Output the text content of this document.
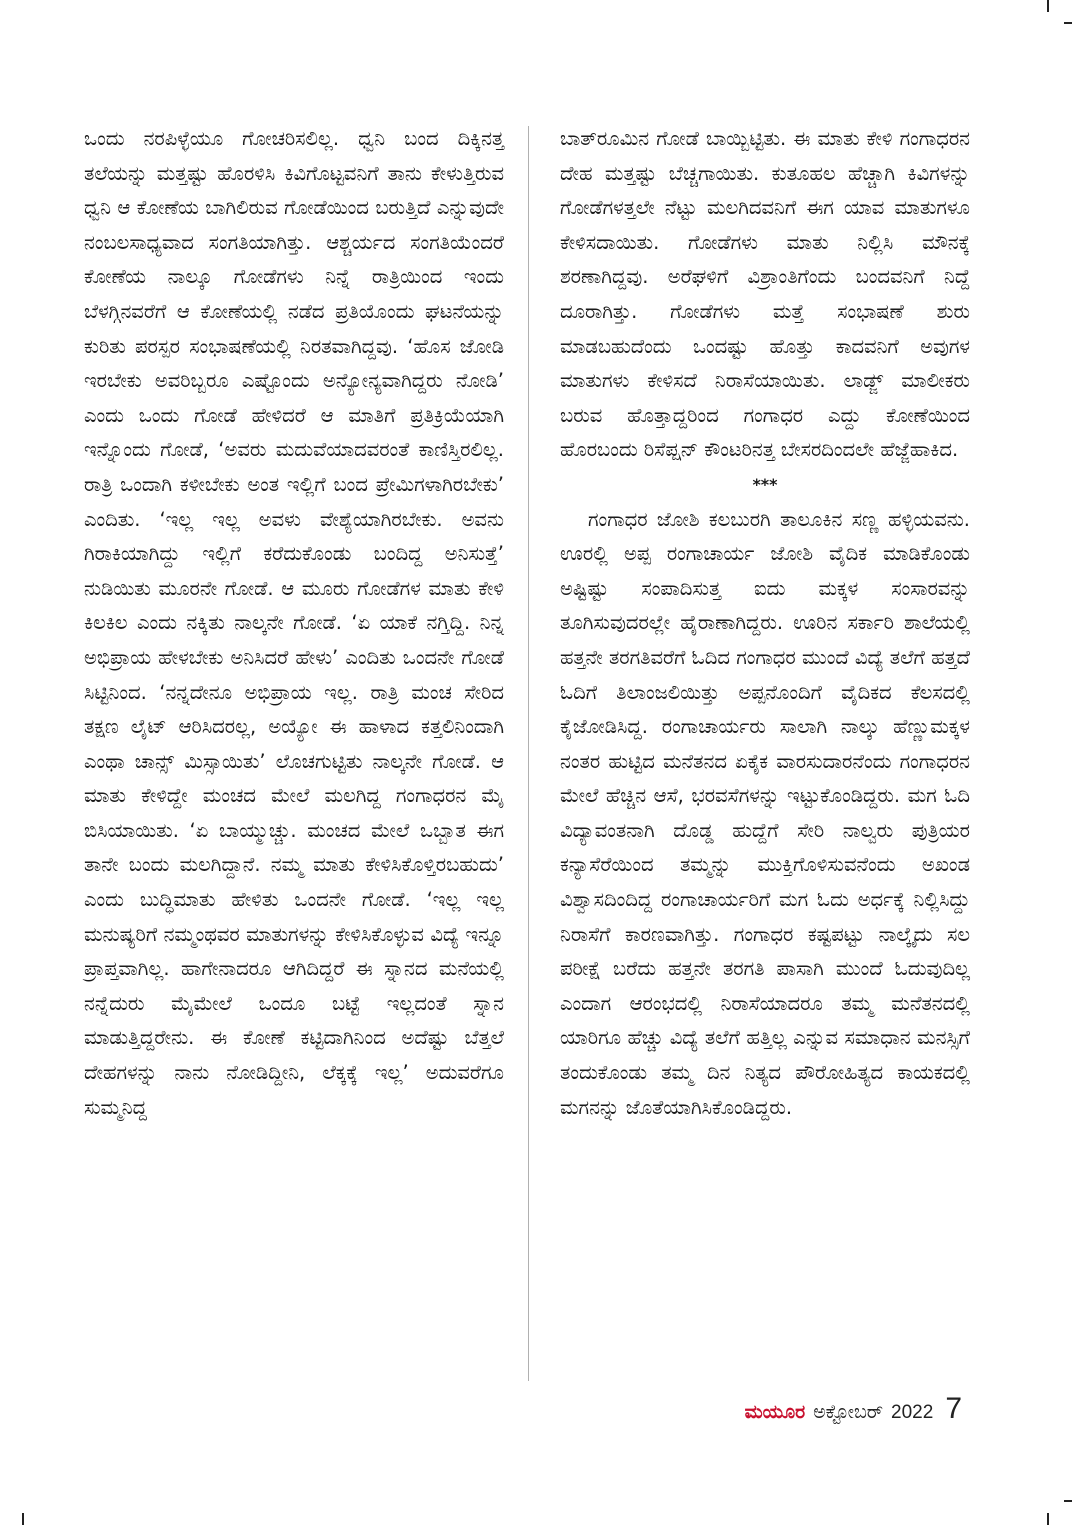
ಒಂದು ನರಪಿಳ್ಳೆಯೂ ಗೋಚರಿಸಲಿಲ್ಲ. ಧ್ವನಿ ಬಂದ ದಿಕ್ಕಿನತ್ತ ತಲೆಯನ್ನು ಮತ್ತಷ್ಟು ಹೊರಳಿಸಿ ಕಿವಿಗೊಟ್ಟವನಿಗೆ ತಾನು ಕೇಳುತ್ತಿರುವ ಧ್ವನಿ ಆ ಕೋಣೆಯ ಬಾಗಿಲಿರುವ ಗೋಡೆಯಿಂದ ಬರುತ್ತಿದೆ ಎನ್ನುವುದೇ ನಂಬಲಸಾಧ್ಯವಾದ ಸಂಗತಿಯಾಗಿತ್ತು. ಆಶ್ಚರ್ಯದ ಸಂಗತಿಯೆಂದರೆ ಕೋಣೆಯ ನಾಲ್ಕೂ ಗೋಡೆಗಳು ನಿನ್ನೆ ರಾತ್ರಿಯಿಂದ ಇಂದು ಬೆಳಗ್ಗಿನವರೆಗೆ ಆ ಕೋಣೆಯಲ್ಲಿ ನಡೆದ ಪ್ರತಿಯೊಂದು ಘಟನೆಯನ್ನು ಕುರಿತು ಪರಸ್ಪರ ಸಂಭಾಷಣೆಯಲ್ಲಿ ನಿರತವಾಗಿದ್ದವು. ‘ಹೊಸ ಜೋಡಿ ಇರಬೇಕು ಅವರಿಬ್ಬರೂ ಎಷ್ಟೊಂದು ಅನ್ಯೋನ್ಯವಾಗಿದ್ದರು ನೋಡಿ’ ಎಂದು ಒಂದು ಗೋಡೆ ಹೇಳಿದರೆ ಆ ಮಾತಿಗೆ ಪ್ರತಿಕ್ರಿಯೆಯಾಗಿ ಇನ್ನೊಂದು ಗೋಡೆ, ‘ಅವರು ಮದುವೆಯಾದವರಂತೆ ಕಾಣಿಸ್ತಿರಲಿಲ್ಲ. ರಾತ್ರಿ ಒಂದಾಗಿ ಕಳೀಬೇಕು ಅಂತ ಇಲ್ಲಿಗೆ ಬಂದ ಪ್ರೇಮಿಗಳಾಗಿರಬೇಕು’ ಎಂದಿತು. ‘ಇಲ್ಲ ಇಲ್ಲ ಅವಳು ವೇಶ್ಯೆಯಾಗಿರಬೇಕು. ಅವನು ಗಿರಾಕಿಯಾಗಿದ್ದು ಇಲ್ಲಿಗೆ ಕರೆದುಕೊಂಡು ಬಂದಿದ್ದ ಅನಿಸುತ್ತೆ’ ನುಡಿಯಿತು ಮೂರನೇ ಗೋಡೆ. ಆ ಮೂರು ಗೋಡೆಗಳ ಮಾತು ಕೇಳಿ ಕಿಲಕಿಲ ಎಂದು ನಕ್ಕಿತು ನಾಲ್ಕನೇ ಗೋಡೆ. ‘ಏ ಯಾಕೆ ನಗ್ತಿದ್ದಿ. ನಿನ್ನ ಅಭಿಪ್ರಾಯ ಹೇಳಬೇಕು ಅನಿಸಿದರೆ ಹೇಳು’ ಎಂದಿತು ಒಂದನೇ ಗೋಡೆ ಸಿಟ್ಟಿನಿಂದ. ‘ನನ್ನದೇನೂ ಅಭಿಪ್ರಾಯ ಇಲ್ಲ. ರಾತ್ರಿ ಮಂಚ ಸೇರಿದ ತಕ್ಷಣ ಲೈಟ್ ಆರಿಸಿದರಲ್ಲ, ಅಯ್ಯೋ ಈ ಹಾಳಾದ ಕತ್ತಲಿನಿಂದಾಗಿ ಎಂಥಾ ಚಾನ್ಸ್ ಮಿಸ್ಸಾಯಿತು’ ಲೊಚಗುಟ್ಟಿತು ನಾಲ್ಕನೇ ಗೋಡೆ. ಆ ಮಾತು ಕೇಳಿದ್ದೇ ಮಂಚದ ಮೇಲೆ ಮಲಗಿದ್ದ ಗಂಗಾಧರನ ಮೈ ಬಿಸಿಯಾಯಿತು. ‘ಏ ಬಾಯ್ಮುಚ್ಚು. ಮಂಚದ ಮೇಲೆ ಒಬ್ಬಾತ ಈಗ ತಾನೇ ಬಂದು ಮಲಗಿದ್ದಾನೆ. ನಮ್ಮ ಮಾತು ಕೇಳಿಸಿಕೊಳ್ತಿರಬಹುದು’ ಎಂದು ಬುದ್ಧಿಮಾತು ಹೇಳಿತು ಒಂದನೇ ಗೋಡೆ. ‘ಇಲ್ಲ ಇಲ್ಲ ಮನುಷ್ಯರಿಗೆ ನಮ್ಮಂಥವರ ಮಾತುಗಳನ್ನು ಕೇಳಿಸಿಕೊಳ್ಳುವ ವಿದ್ಯೆ ಇನ್ನೂ ಪ್ರಾಪ್ತವಾಗಿಲ್ಲ. ಹಾಗೇನಾದರೂ ಆಗಿದಿದ್ದರೆ ಈ ಸ್ನಾನದ ಮನೆಯಲ್ಲಿ ನನ್ನೆದುರು ಮೈಮೇಲೆ ಒಂದೂ ಬಟ್ಟೆ ಇಲ್ಲದಂತೆ ಸ್ನಾನ ಮಾಡುತ್ತಿದ್ದರೇನು. ಈ ಕೋಣೆ ಕಟ್ಟಿದಾಗಿನಿಂದ ಅದೆಷ್ಟು ಬೆತ್ತಲೆ ದೇಹಗಳನ್ನು ನಾನು ನೋಡಿದ್ದೀನಿ, ಲೆಕ್ಕಕ್ಕೆ ಇಲ್ಲ’ ಅದುವರೆಗೂ ಸುಮ್ಮನಿದ್ದ

ಬಾತ್‌ರೂಮಿನ ಗೋಡೆ ಬಾಯ್ಬಿಟ್ಟಿತು. ಈ ಮಾತು ಕೇಳಿ ಗಂಗಾಧರನ ದೇಹ ಮತ್ತಷ್ಟು ಬೆಚ್ಚಗಾಯಿತು. ಕುತೂಹಲ ಹೆಚ್ಚಾಗಿ ಕಿವಿಗಳನ್ನು ಗೋಡೆಗಳತ್ತಲೇ ನೆಟ್ಟು ಮಲಗಿದವನಿಗೆ ಈಗ ಯಾವ ಮಾತುಗಳೂ ಕೇಳಿಸದಾಯಿತು. ಗೋಡೆಗಳು ಮಾತು ನಿಲ್ಲಿಸಿ ಮೌನಕ್ಕೆ ಶರಣಾಗಿದ್ದವು. ಅರೆಘಳಿಗೆ ವಿಶ್ರಾಂತಿಗೆಂದು ಬಂದವನಿಗೆ ನಿದ್ದೆ ದೂರಾಗಿತ್ತು. ಗೋಡೆಗಳು ಮತ್ತೆ ಸಂಭಾಷಣೆ ಶುರು ಮಾಡಬಹುದೆಂದು ಒಂದಷ್ಟು ಹೊತ್ತು ಕಾದವನಿಗೆ ಅವುಗಳ ಮಾತುಗಳು ಕೇಳಿಸದೆ ನಿರಾಸೆಯಾಯಿತು. ಲಾಡ್ಜ್ ಮಾಲೀಕರು ಬರುವ ಹೊತ್ತಾದ್ದರಿಂದ ಗಂಗಾಧರ ಎದ್ದು ಕೋಣೆಯಿಂದ ಹೊರಬಂದು ರಿಸೆಪ್ಷನ್ ಕೌಂಟರಿನತ್ತ ಬೇಸರದಿಂದಲೇ ಹೆಜ್ಜೆಹಾಕಿದ.

***

ಗಂಗಾಧರ ಜೋಶಿ ಕಲಬುರಗಿ ತಾಲೂಕಿನ ಸಣ್ಣ ಹಳ್ಳಿಯವನು. ಊರಲ್ಲಿ ಅಪ್ಪ ರಂಗಾಚಾರ್ಯ ಜೋಶಿ ವೈದಿಕ ಮಾಡಿಕೊಂಡು ಅಷ್ಟಿಷ್ಟು ಸಂಪಾದಿಸುತ್ತ ಐದು ಮಕ್ಕಳ ಸಂಸಾರವನ್ನು ತೂಗಿಸುವುದರಲ್ಲೇ ಹೈರಾಣಾಗಿದ್ದರು. ಊರಿನ ಸರ್ಕಾರಿ ಶಾಲೆಯಲ್ಲಿ ಹತ್ತನೇ ತರಗತಿವರೆಗೆ ಓದಿದ ಗಂಗಾಧರ ಮುಂದೆ ವಿದ್ಯೆ ತಲೆಗೆ ಹತ್ತದೆ ಓದಿಗೆ ತಿಲಾಂಜಲಿಯಿತ್ತು ಅಪ್ಪನೊಂದಿಗೆ ವೈದಿಕದ ಕೆಲಸದಲ್ಲಿ ಕೈಜೋಡಿಸಿದ್ದ. ರಂಗಾಚಾರ್ಯರು ಸಾಲಾಗಿ ನಾಲ್ಕು ಹೆಣ್ಣುಮಕ್ಕಳ ನಂತರ ಹುಟ್ಟಿದ ಮನೆತನದ ಏಕೈಕ ವಾರಸುದಾರನೆಂದು ಗಂಗಾಧರನ ಮೇಲೆ ಹೆಚ್ಚಿನ ಆಸೆ, ಭರವಸೆಗಳನ್ನು ಇಟ್ಟುಕೊಂಡಿದ್ದರು. ಮಗ ಓದಿ ವಿದ್ಯಾವಂತನಾಗಿ ದೊಡ್ಡ ಹುದ್ದೆಗೆ ಸೇರಿ ನಾಲ್ವರು ಪುತ್ರಿಯರ ಕನ್ಯಾಸೆರೆಯಿಂದ ತಮ್ಮನ್ನು ಮುಕ್ತಿಗೊಳಿಸುವನೆಂದು ಅಖಂಡ ವಿಶ್ವಾಸದಿಂದಿದ್ದ ರಂಗಾಚಾರ್ಯರಿಗೆ ಮಗ ಓದು ಅರ್ಧಕ್ಕೆ ನಿಲ್ಲಿಸಿದ್ದು ನಿರಾಸೆಗೆ ಕಾರಣವಾಗಿತ್ತು. ಗಂಗಾಧರ ಕಷ್ಟಪಟ್ಟು ನಾಲ್ಕೈದು ಸಲ ಪರೀಕ್ಷೆ ಬರೆದು ಹತ್ತನೇ ತರಗತಿ ಪಾಸಾಗಿ ಮುಂದೆ ಓದುವುದಿಲ್ಲ ಎಂದಾಗ ಆರಂಭದಲ್ಲಿ ನಿರಾಸೆಯಾದರೂ ತಮ್ಮ ಮನೆತನದಲ್ಲಿ ಯಾರಿಗೂ ಹೆಚ್ಚು ವಿದ್ಯೆ ತಲೆಗೆ ಹತ್ತಿಲ್ಲ ಎನ್ನುವ ಸಮಾಧಾನ ಮನಸ್ಸಿಗೆ ತಂದುಕೊಂಡು ತಮ್ಮ ದಿನ ನಿತ್ಯದ ಪೌರೋಹಿತ್ಯದ ಕಾಯಕದಲ್ಲಿ ಮಗನನ್ನು ಜೊತೆಯಾಗಿಸಿಕೊಂಡಿದ್ದರು.

ಮಯೂರ ಅಕ್ಟೋಬರ್ 2022 7
